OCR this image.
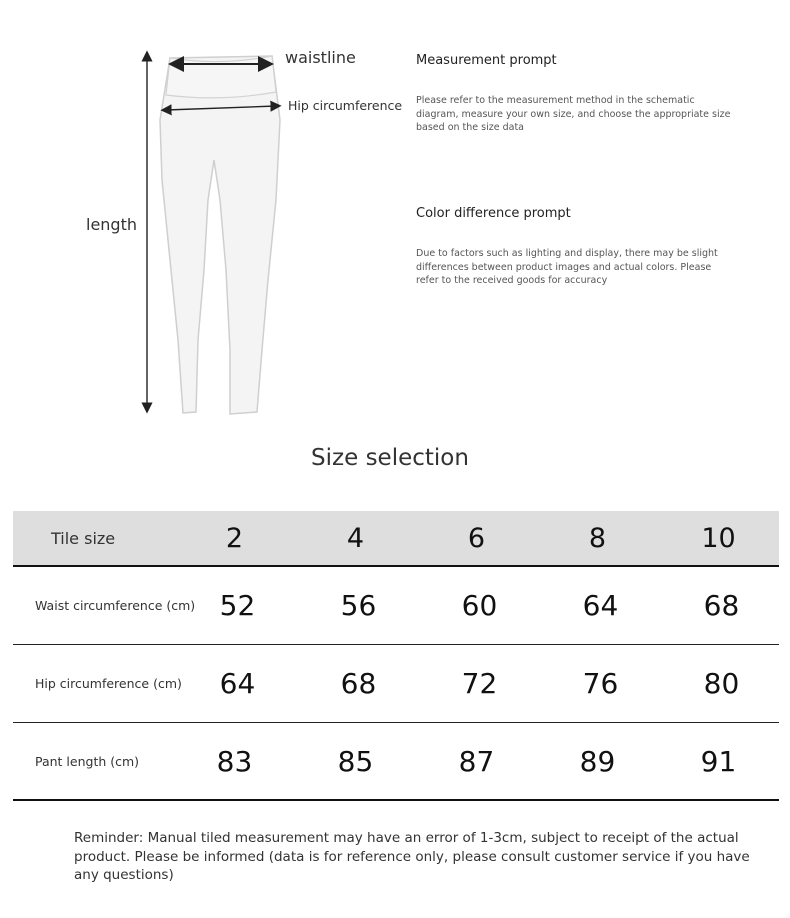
waistline
Hip circumference
length
Measurement prompt

Please refer to the measurement method in the schematic diagram, measure your own size, and choose the appropriate size based on the size data

Color difference prompt

Due to factors such as lighting and display, there may be slight differences between product images and actual colors. Please refer to the received goods for accuracy

Size selection
Tile size	2	4	6	8	10
Waist circumference (cm) 52	56	60	64	68
Hip circumference (cm)	64	68	72	76	80
Pant length (cm)	83	85	87	89	91
Reminder: Manual tiled measurement may have an error of 1-3cm, subject to receipt of the actual product. Please be informed (data is for reference only, please consult customer service if you have any questions)
